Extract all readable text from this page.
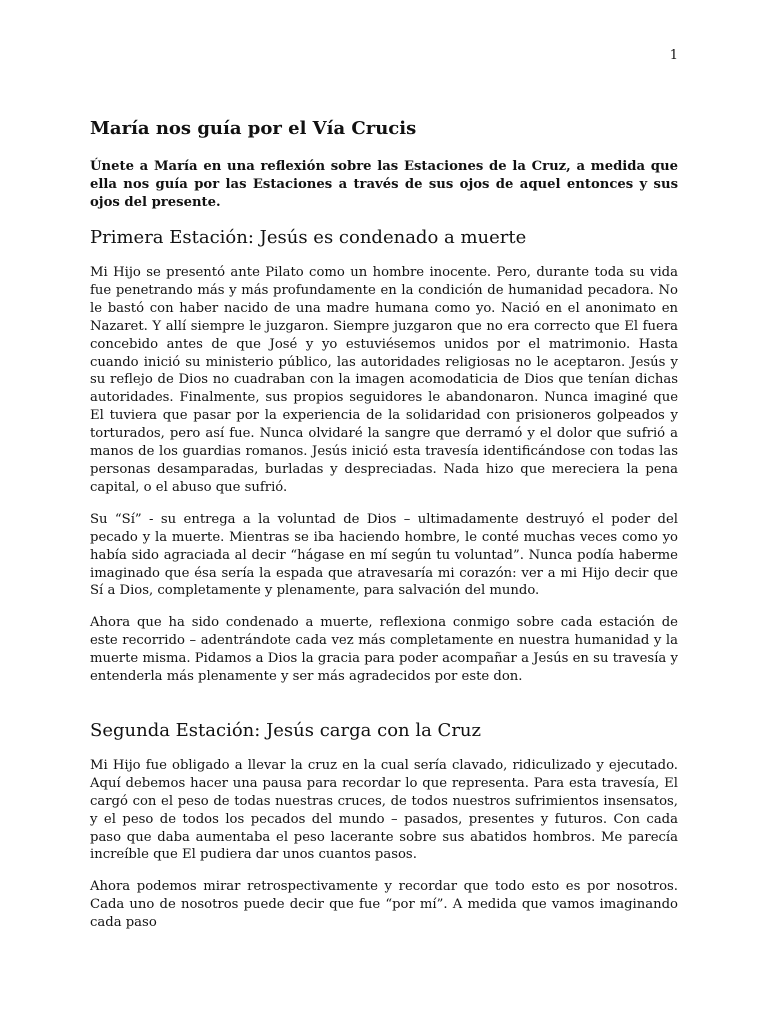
1
María nos guía por el Vía Crucis

Únete a María en una reflexión sobre las Estaciones de la Cruz, a medida que ella nos guía por las Estaciones a través de sus ojos de aquel entonces y sus ojos del presente.

Primera Estación: Jesús es condenado a muerte

Mi Hijo se presentó ante Pilato como un hombre inocente. Pero, durante toda su vida fue penetrando más y más profundamente en la condición de humanidad pecadora. No le bastó con haber nacido de una madre humana como yo. Nació en el anonimato en Nazaret. Y allí siempre le juzgaron. Siempre juzgaron que no era correcto que El fuera concebido antes de que José y yo estuviésemos unidos por el matrimonio. Hasta cuando inició su ministerio público, las autoridades religiosas no le aceptaron. Jesús y su reflejo de Dios no cuadraban con la imagen acomodaticia de Dios que tenían dichas autoridades. Finalmente, sus propios seguidores le abandonaron. Nunca imaginé que El tuviera que pasar por la experiencia de la solidaridad con prisioneros golpeados y torturados, pero así fue. Nunca olvidaré la sangre que derramó y el dolor que sufrió a manos de los guardias romanos. Jesús inició esta travesía identificándose con todas las personas desamparadas, burladas y despreciadas. Nada hizo que mereciera la pena capital, o el abuso que sufrió.

Su “Sí” - su entrega a la voluntad de Dios – ultimadamente destruyó el poder del pecado y la muerte. Mientras se iba haciendo hombre, le conté muchas veces como yo había sido agraciada al decir “hágase en mí según tu voluntad”. Nunca podía haberme imaginado que ésa sería la espada que atravesaría mi corazón: ver a mi Hijo decir que Sí a Dios, completamente y plenamente, para salvación del mundo.

Ahora que ha sido condenado a muerte, reflexiona conmigo sobre cada estación de este recorrido – adentrándote cada vez más completamente en nuestra humanidad y la muerte misma. Pidamos a Dios la gracia para poder acompañar a Jesús en su travesía y entenderla más plenamente y ser más agradecidos por este don.

Segunda Estación: Jesús carga con la Cruz

Mi Hijo fue obligado a llevar la cruz en la cual sería clavado, ridiculizado y ejecutado. Aquí debemos hacer una pausa para recordar lo que representa. Para esta travesía, El cargó con el peso de todas nuestras cruces, de todos nuestros sufrimientos insensatos, y el peso de todos los pecados del mundo – pasados, presentes y futuros. Con cada paso que daba aumentaba el peso lacerante sobre sus abatidos hombros. Me parecía increíble que El pudiera dar unos cuantos pasos.

Ahora podemos mirar retrospectivamente y recordar que todo esto es por nosotros. Cada uno de nosotros puede decir que fue “por mí”. A medida que vamos imaginando cada paso
